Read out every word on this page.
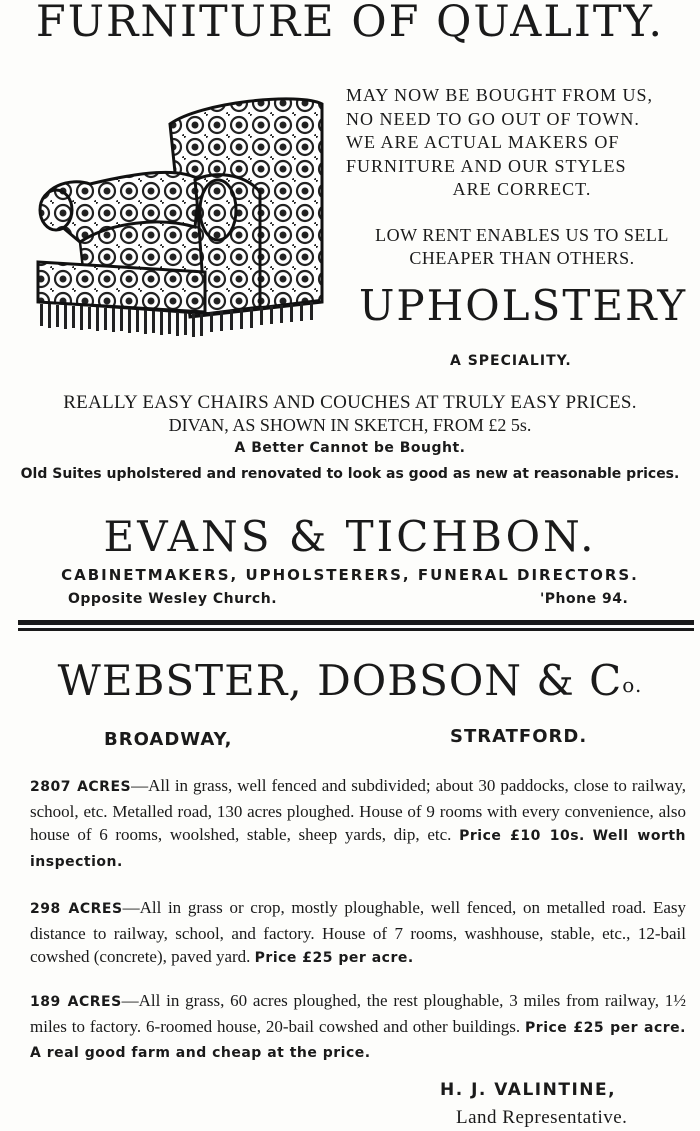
FURNITURE OF QUALITY.
MAY NOW BE BOUGHT FROM US,
NO NEED TO GO OUT OF TOWN.
WE ARE ACTUAL MAKERS OF
FURNITURE AND OUR STYLES
ARE CORRECT.
LOW RENT ENABLES US TO SELL
CHEAPER THAN OTHERS.
UPHOLSTERY
A SPECIALITY.
REALLY EASY CHAIRS AND COUCHES AT TRULY EASY PRICES.
DIVAN, AS SHOWN IN SKETCH, FROM £2 5s.
A Better Cannot be Bought.
Old Suites upholstered and renovated to look as good as new at reasonable prices.
EVANS & TICHBON.
CABINETMAKERS, UPHOLSTERERS, FUNERAL DIRECTORS.
Opposite Wesley Church.	'Phone 94.
WEBSTER, DOBSON & $C^{o.}$
BROADWAY,	STRATFORD.
2807 ACRES—All in grass, well fenced and subdivided; about 30 paddocks, close to railway, school, etc. Metalled road, 130 acres ploughed. House of 9 rooms with every convenience, also house of 6 rooms, woolshed, stable, sheep yards, dip, etc. Price £10 10s. Well worth inspection.
298 ACRES—All in grass or crop, mostly ploughable, well fenced, on metalled road. Easy distance to railway, school, and factory. House of 7 rooms, washhouse, stable, etc., 12-bail cowshed (concrete), paved yard. Price £25 per acre.
189 ACRES—All in grass, 60 acres ploughed, the rest ploughable, 3 miles from railway, 1½ miles to factory. 6-roomed house, 20-bail cowshed and other buildings. Price £25 per acre. A real good farm and cheap at the price.
H. J. VALINTINE,
Land Representative.
